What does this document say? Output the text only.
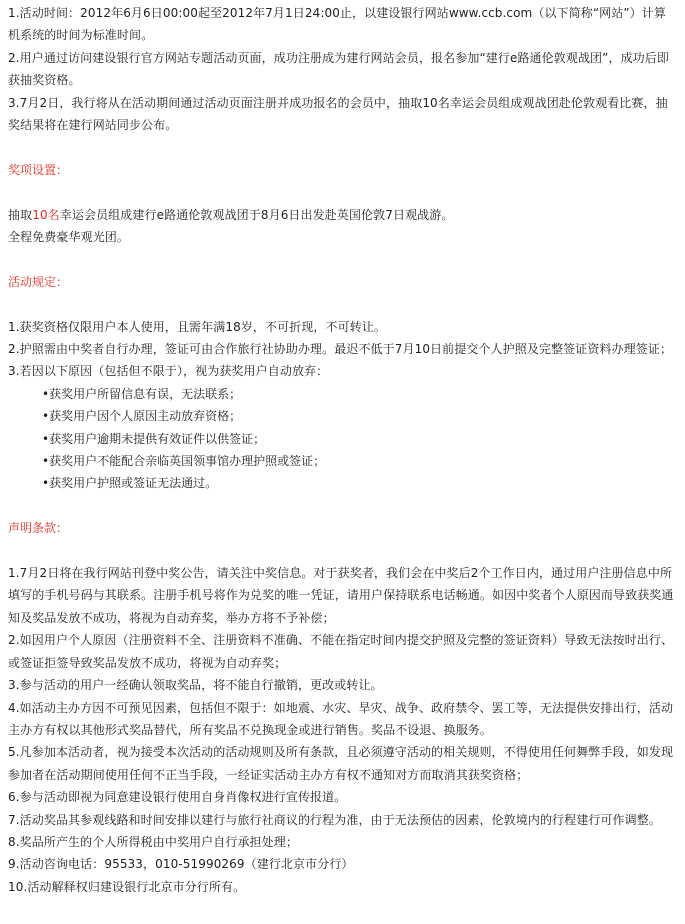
1.活动时间：2012年6月6日00:00起至2012年7月1日24:00止，以建设银行网站www.ccb.com（以下简称“网站”）计算机系统的时间为标准时间。

2.用户通过访问建设银行官方网站专题活动页面，成功注册成为建行网站会员，报名参加“建行e路通伦敦观战团”，成功后即获抽奖资格。

3.7月2日，我行将从在活动期间通过活动页面注册并成功报名的会员中，抽取10名幸运会员组成观战团赴伦敦观看比赛，抽奖结果将在建行网站同步公布。

奖项设置：

抽取10名幸运会员组成建行e路通伦敦观战团于8月6日出发赴英国伦敦7日观战游。

全程免费豪华观光团。

活动规定：

1.获奖资格仅限用户本人使用，且需年满18岁，不可折现，不可转让。

2.护照需由中奖者自行办理，签证可由合作旅行社协助办理。最迟不低于7月10日前提交个人护照及完整签证资料办理签证；

3.若因以下原因（包括但不限于），视为获奖用户自动放弃：

•获奖用户所留信息有误，无法联系；

•获奖用户因个人原因主动放弃资格；

•获奖用户逾期未提供有效证件以供签证；

•获奖用户不能配合亲临英国领事馆办理护照或签证；

•获奖用户护照或签证无法通过。

声明条款：

1.7月2日将在我行网站刊登中奖公告，请关注中奖信息。对于获奖者，我们会在中奖后2个工作日内，通过用户注册信息中所填写的手机号码与其联系。注册手机号将作为兑奖的唯一凭证，请用户保持联系电话畅通。如因中奖者个人原因而导致获奖通知及奖品发放不成功，将视为自动弃奖，举办方将不予补偿；

2.如因用户个人原因（注册资料不全、注册资料不准确、不能在指定时间内提交护照及完整的签证资料）导致无法按时出行、或签证拒签导致奖品发放不成功，将视为自动弃奖；

3.参与活动的用户一经确认领取奖品，将不能自行撤销，更改或转让。

4.如活动主办方因不可预见因素，包括但不限于：如地震、水灾、旱灾、战争、政府禁令、罢工等，无法提供安排出行，活动主办方有权以其他形式奖品替代，所有奖品不兑换现金或进行销售。奖品不设退、换服务。

5.凡参加本活动者，视为接受本次活动的活动规则及所有条款，且必须遵守活动的相关规则，不得使用任何舞弊手段，如发现参加者在活动期间使用任何不正当手段，一经证实活动主办方有权不通知对方而取消其获奖资格；

6.参与活动即视为同意建设银行使用自身肖像权进行宣传报道。

7.活动奖品其参观线路和时间安排以建行与旅行社商议的行程为准，由于无法预估的因素，伦敦境内的行程建行可作调整。

8.奖品所产生的个人所得税由中奖用户自行承担处理；

9.活动咨询电话：95533，010-51990269（建行北京市分行）

10.活动解释权归建设银行北京市分行所有。
